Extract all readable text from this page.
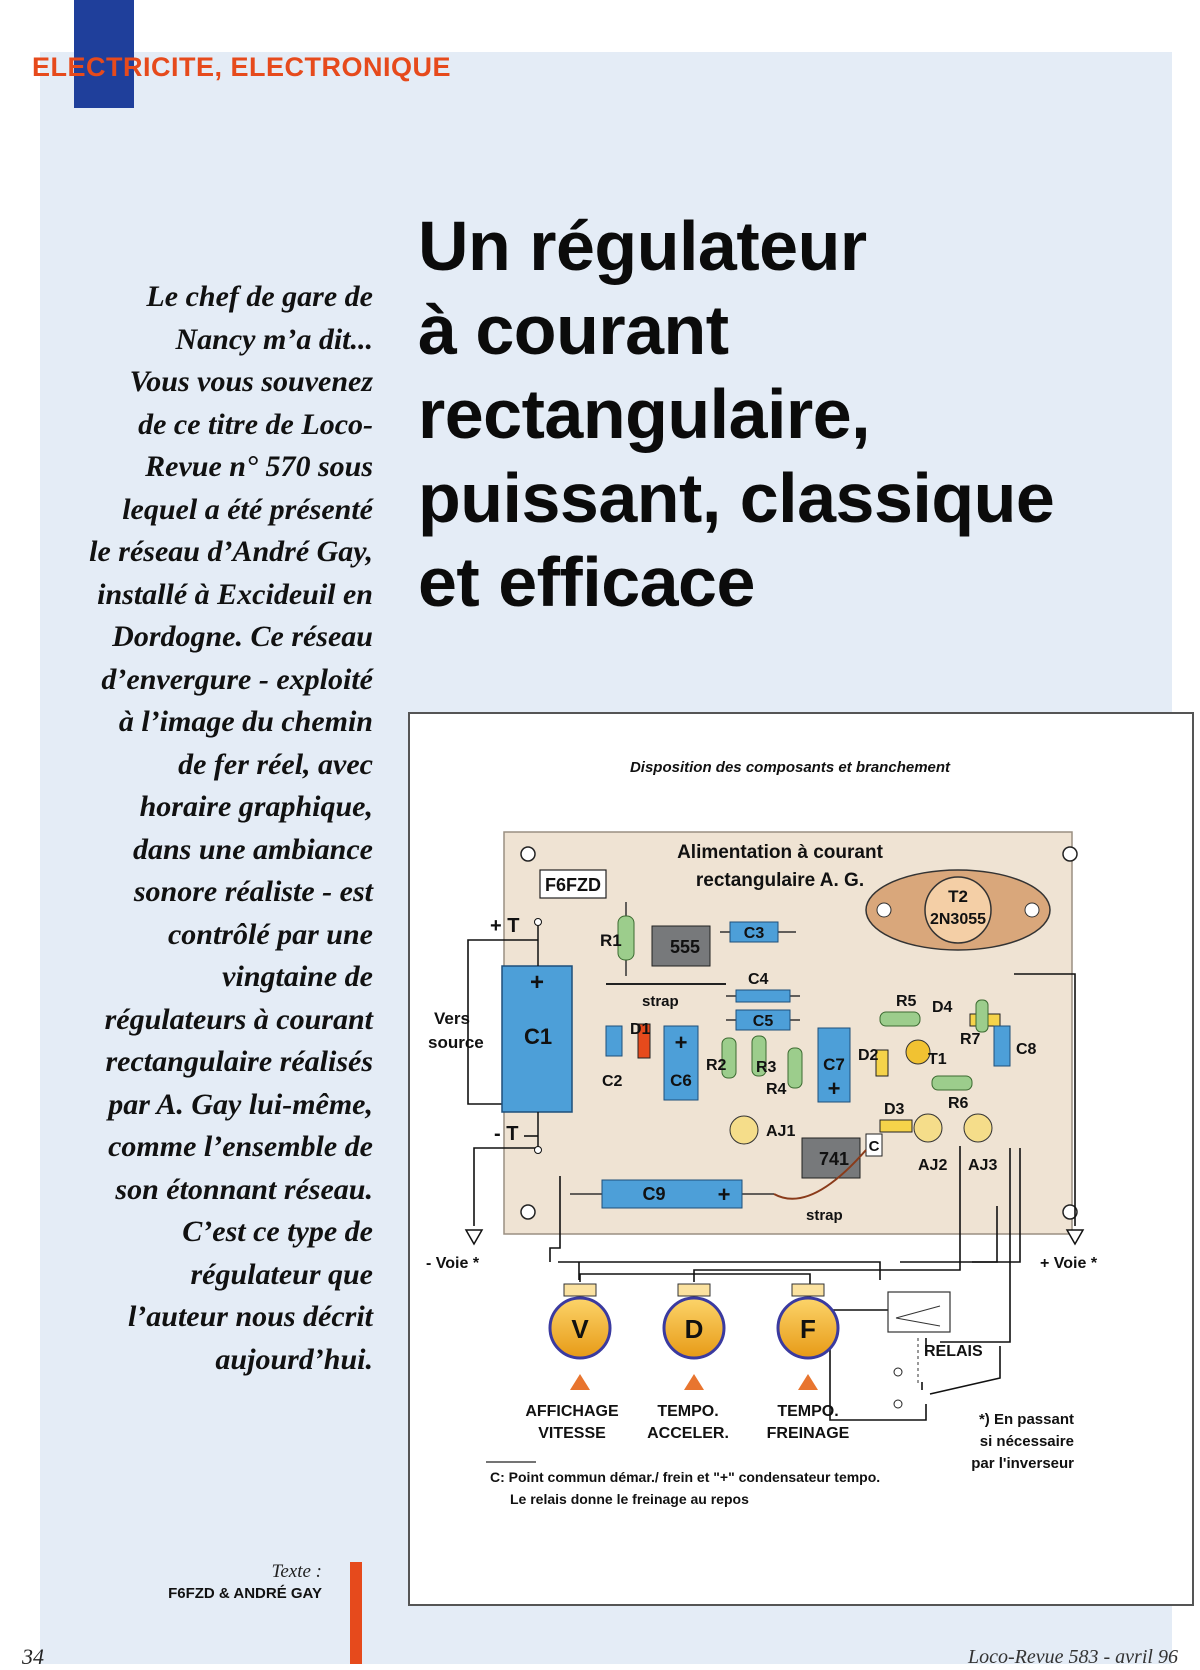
ELECTRICITE, ELECTRONIQUE
Un régulateur
à courant
rectangulaire,
puissant, classique
et efficace
Le chef de gare de
Nancy m’a dit...
Vous vous souvenez
de ce titre de Loco-
Revue n° 570 sous
lequel a été présenté
le réseau d’André Gay,
installé à Excideuil en
Dordogne. Ce réseau
d’envergure - exploité
à l’image du chemin
de fer réel, avec
horaire graphique,
dans une ambiance
sonore réaliste - est
contrôlé par une
vingtaine de
régulateurs à courant
rectangulaire réalisés
par A. Gay lui-même,
comme l’ensemble de
son étonnant réseau.
C’est ce type de
régulateur que
l’auteur nous décrit
aujourd’hui.
Texte :
F6FZD & ANDRÉ GAY
34	Loco-Revue 583 - avril 96
Disposition des composants et branchement
Alimentation à courant
rectangulaire A. G.
F6FZD
T2
2N3055
Vers
source
- Voie *	+ Voie *
+ T
- T
C1
+
R1	555
strap
C3
C4
C5
C2
D1
+
C6
R2 R3
R4
C7
+
AJ1
741
C
D2
D3
D4
T1
R5
R6
R7
C8
AJ2 AJ3
C9 +
strap
RELAIS
V
AFFICHAGE
VITESSE
D
TEMPO.
ACCELER.
F
TEMPO.
FREINAGE
*) En passant
si nécessaire
par l'inverseur
C: Point commun démar./ frein et "+" condensateur tempo.
Le relais donne le freinage au repos
